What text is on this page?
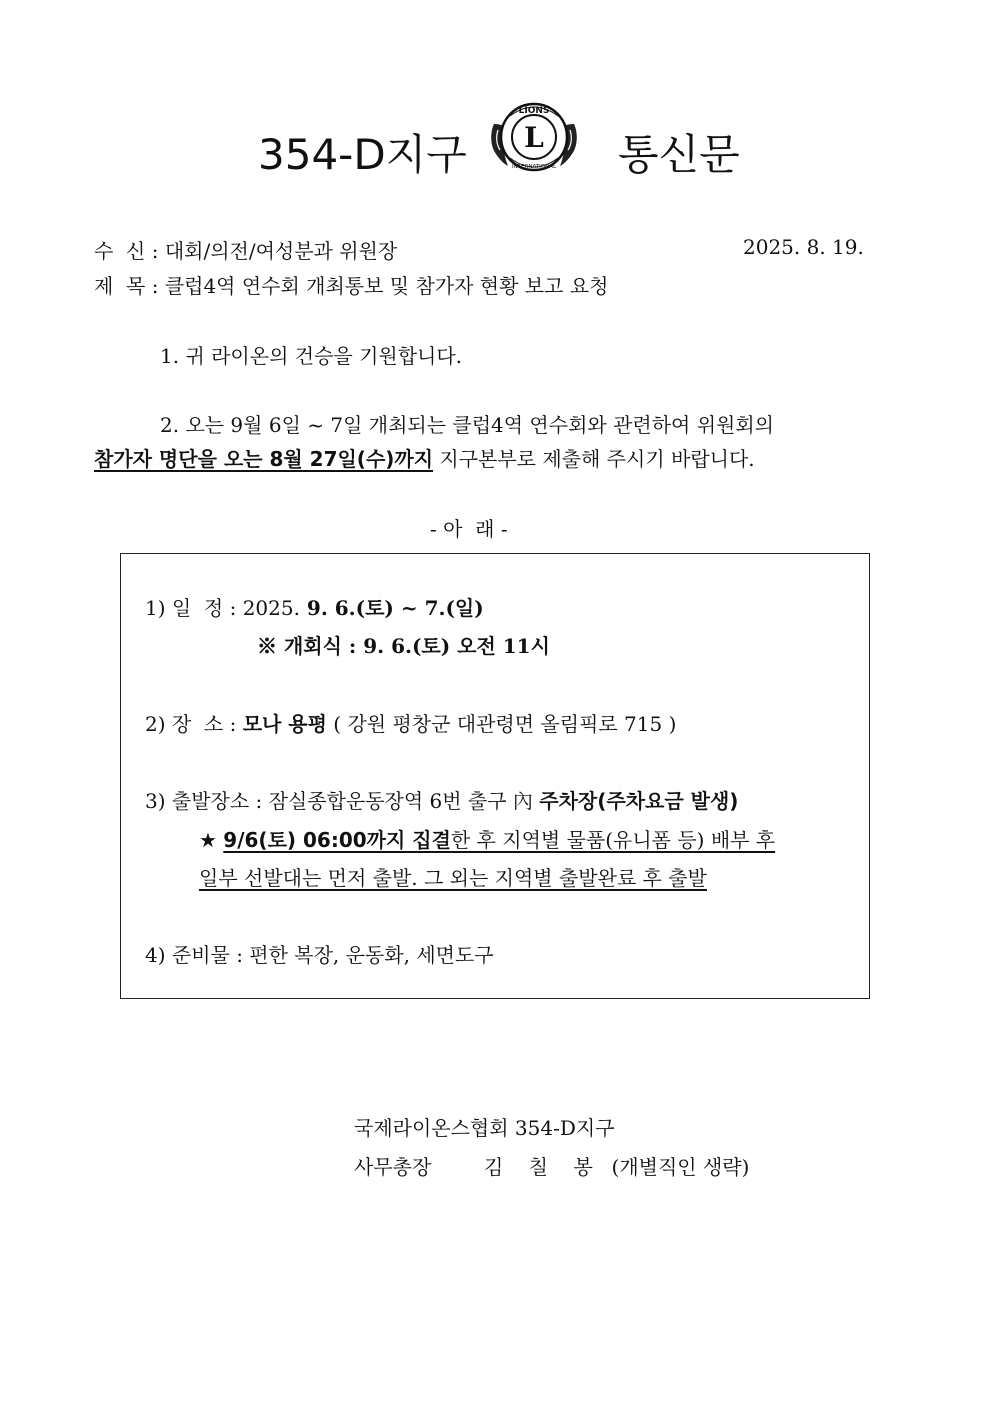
354-D지구
LIONS
L
INTERNATIONAL 통신문
수  신 : 대회/의전/여성분과 위원장	2025. 8. 19.
제  목 : 클럽4역 연수회 개최통보 및 참가자 현황 보고 요청
1. 귀 라이온의 건승을 기원합니다.
2. 오는 9월 6일 ~ 7일 개최되는 클럽4역 연수회와 관련하여 위원회의
참가자 명단을 오는 8월 27일(수)까지 지구본부로 제출해 주시기 바랍니다.
- 아  래 -
1) 일  정 : 2025. 9. 6.(토) ~ 7.(일)
※ 개회식 : 9. 6.(토) 오전 11시
2) 장  소 : 모나 용평 ( 강원 평창군 대관령면 올림픽로 715 )
3) 출발장소 : 잠실종합운동장역 6번 출구 內 주차장(주차요금 발생)
★ 9/6(토) 06:00까지 집결한 후 지역별 물품(유니폼 등) 배부 후
일부 선발대는 먼저 출발. 그 외는 지역별 출발완료 후 출발
4) 준비물 : 편한 복장, 운동화, 세면도구
국제라이온스협회 354-D지구
사무총장	김    칠    봉 (개별직인 생략)
